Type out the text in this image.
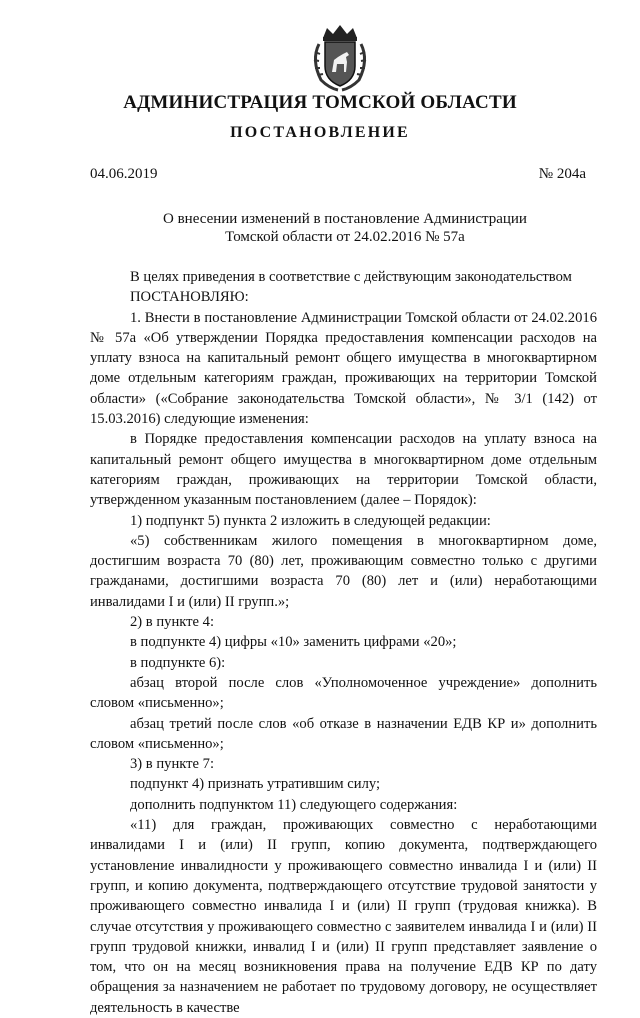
АДМИНИСТРАЦИЯ ТОМСКОЙ ОБЛАСТИ
ПОСТАНОВЛЕНИЕ
04.06.2019	№ 204а
О внесении изменений в постановление Администрации
Томской области от 24.02.2016 № 57а

В целях приведения в соответствие с действующим законодательством

ПОСТАНОВЛЯЮ:

1. Внести в постановление Администрации Томской области от 24.02.2016 № 57а «Об утверждении Порядка предоставления компенсации расходов на уплату взноса на капитальный ремонт общего имущества в многоквартирном доме отдельным категориям граждан, проживающих на территории Томской области» («Собрание законодательства Томской области», № 3/1 (142) от 15.03.2016) следующие изменения:

в Порядке предоставления компенсации расходов на уплату взноса на капитальный ремонт общего имущества в многоквартирном доме отдельным категориям граждан, проживающих на территории Томской области, утвержденном указанным постановлением (далее – Порядок):

1) подпункт 5) пункта 2 изложить в следующей редакции:

«5) собственникам жилого помещения в многоквартирном доме, достигшим возраста 70 (80) лет, проживающим совместно только с другими гражданами, достигшими возраста 70 (80) лет и (или) неработающими инвалидами I и (или) II групп.»;

2) в пункте 4:

в подпункте 4) цифры «10» заменить цифрами «20»;

в подпункте 6):

абзац второй после слов «Уполномоченное учреждение» дополнить словом «письменно»;

абзац третий после слов «об отказе в назначении ЕДВ КР и» дополнить словом «письменно»;

3) в пункте 7:

подпункт 4) признать утратившим силу;

дополнить подпунктом 11) следующего содержания:

«11) для граждан, проживающих совместно с неработающими инвалидами I и (или) II групп, копию документа, подтверждающего установление инвалидности у проживающего совместно инвалида I и (или) II групп, и копию документа, подтверждающего отсутствие трудовой занятости у проживающего совместно инвалида I и (или) II групп (трудовая книжка). В случае отсутствия у проживающего совместно с заявителем инвалида I и (или) II групп трудовой книжки, инвалид I и (или) II групп представляет заявление о том, что он на месяц возникновения права на получение ЕДВ КР по дату обращения за назначением не работает по трудовому договору, не осуществляет деятельность в качестве
